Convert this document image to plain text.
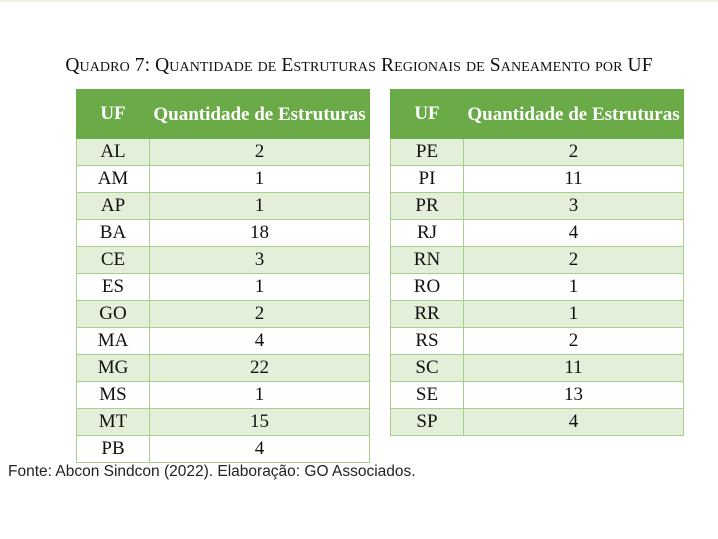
Quadro 7: Quantidade de Estruturas Regionais de Saneamento por UF
UF	Quantidade de Estruturas
AL	2
AM	1
AP	1
BA	18
CE	3
ES	1
GO	2
MA	4
MG	22
MS	1
MT	15
PB	4
UF	Quantidade de Estruturas
PE	2
PI	11
PR	3
RJ	4
RN	2
RO	1
RR	1
RS	2
SC	11
SE	13
SP	4
Fonte: Abcon Sindcon (2022). Elaboração: GO Associados.
